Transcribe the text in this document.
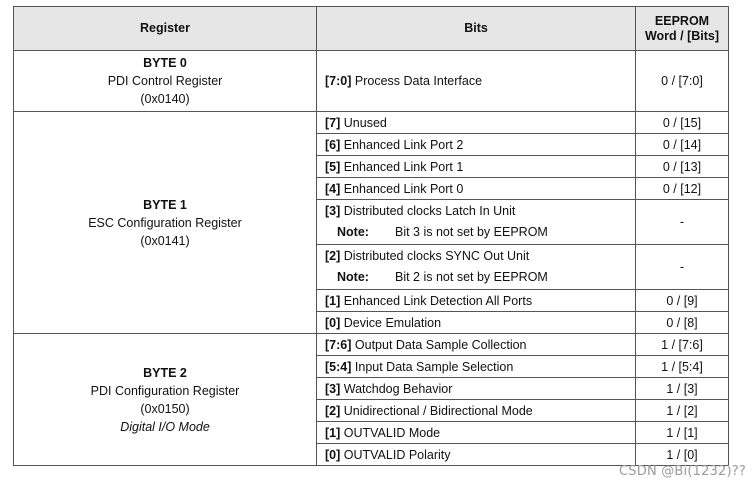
Register	Bits	EEPROM
Word / [Bits]

BYTE 0
PDI Control Register
(0x0140)	[7:0] Process Data Interface	0 / [7:0]

BYTE 1
ESC Configuration Register
(0x0141)	[7] Unused	0 / [15]
	[6] Enhanced Link Port 2	0 / [14]
	[5] Enhanced Link Port 1	0 / [13]
	[4] Enhanced Link Port 0	0 / [12]

	[3] Distributed clocks Latch In Unit
Note: Bit 3 is not set by EEPROM	-

	[2] Distributed clocks SYNC Out Unit
Note: Bit 2 is not set by EEPROM	-
	[1] Enhanced Link Detection All Ports	0 / [9]
	[0] Device Emulation	0 / [8]

BYTE 2
PDI Configuration Register
(0x0150)
Digital I/O Mode	[7:6] Output Data Sample Collection	1 / [7:6]
	[5:4] Input Data Sample Selection	1 / [5:4]
	[3] Watchdog Behavior	1 / [3]
	[2] Unidirectional / Bidirectional Mode	1 / [2]
	[1] OUTVALID Mode	1 / [1]
	[0] OUTVALID Polarity	1 / [0]
CSDN @Bi(1232)??
